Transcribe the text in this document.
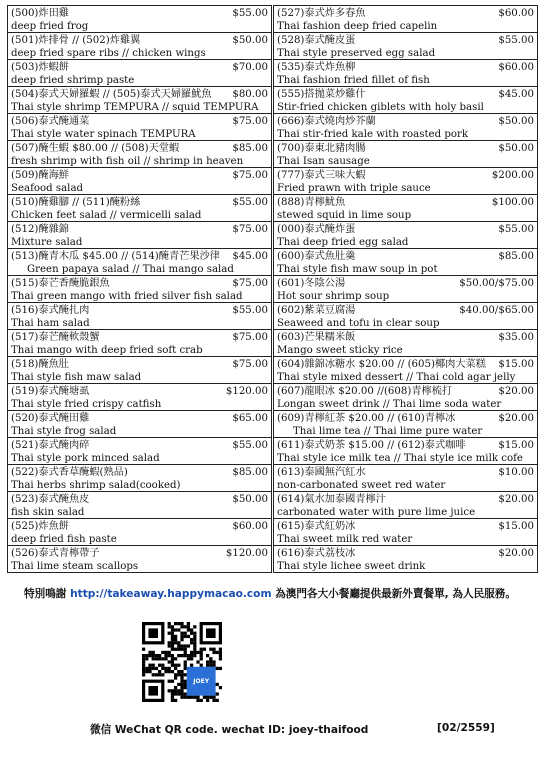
(500)炸田雞	$55.00
deep fried frog
(501)炸排骨 // (502)炸雞翼	$50.00
deep fried spare ribs // chicken wings
(503)炸蝦餅	$70.00
deep fried shrimp paste
(504)泰式天婦羅蝦 // (505)泰式天婦羅魷魚	$80.00
Thai style shrimp TEMPURA // squid TEMPURA
(506)泰式醃通菜	$75.00
Thai style water spinach TEMPURA
(507)醃生蝦 $80.00 // (508)天堂蝦	$85.00
fresh shrimp with fish oil // shrimp in heaven
(509)醃海鮮	$75.00
Seafood salad
(510)醃雞腳 // (511)醃粉絲	$55.00
Chicken feet salad // vermicelli salad
(512)醃雜錦	$75.00
Mixture salad
(513)醃青木瓜 $45.00 // (514)醃青芒果沙律	$45.00
Green papaya salad // Thai mango salad
(515)泰芒香醃脆銀魚	$75.00
Thai green mango with fried silver fish salad
(516)泰式醃扎肉	$55.00
Thai ham salad
(517)泰芒醃軟殼蟹	$75.00
Thai mango with deep fried soft crab
(518)醃魚肚	$75.00
Thai style fish maw salad
(519)泰式醃塘虱	$120.00
Thai style fried crispy catfish
(520)泰式醃田雞	$65.00
Thai style frog salad
(521)泰式醃肉碎	$55.00
Thai style pork minced salad
(522)泰式香草醃蝦(熟品)	$85.00
Thai herbs shrimp salad(cooked)
(523)泰式醃魚皮	$50.00
fish skin salad
(525)炸魚餅	$60.00
deep fried fish paste
(526)泰式青檸帶子	$120.00
Thai lime steam scallops
(527)泰式炸多春魚	$60.00
Thai fashion deep fried capelin
(528)泰式醃皮蛋	$55.00
Thai style preserved egg salad
(535)泰式炸魚柳	$60.00
Thai fashion fried fillet of fish
(555)搭拋菜炒雞什	$45.00
Stir-fried chicken giblets with holy basil
(666)泰式燒肉炒芥蘭	$50.00
Thai stir-fried kale with roasted pork
(700)泰東北豬肉腸	$50.00
Thai Isan sausage
(777)泰式三味大蝦	$200.00
Fried prawn with triple sauce
(888)青檸魷魚	$100.00
stewed squid in lime soup
(000)泰式醃炸蛋	$55.00
Thai deep fried egg salad
(600)泰式魚肚羹	$85.00
Thai style fish maw soup in pot
(601)冬陰公湯	$50.00/$75.00
Hot sour shrimp soup
(602)紫菜豆腐湯	$40.00/$65.00
Seaweed and tofu in clear soup
(603)芒果糯米飯	$35.00
Mango sweet sticky rice
(604)雜錦冰糖水 $20.00 // (605)椰肉大菜糕	$15.00
Thai style mixed dessert // Thai cold agar jelly
(607)龍眼冰 $20.00 //(608)青檸梳打	$20.00
Longan sweet drink // Thai lime soda water
(609)青檸紅茶 $20.00 // (610)青檸冰	$20.00
Thai lime tea // Thai lime pure water
(611)泰式奶茶 $15.00 // (612)泰式咖啡	$15.00
Thai style ice milk tea // Thai style ice milk cofe
(613)泰國無汽紅水	$10.00
non-carbonated sweet red water
(614)氣水加泰國青檸汁	$20.00
carbonated water with pure lime juice
(615)泰式紅奶冰	$15.00
Thai sweet milk red water
(616)泰式荔枝冰	$20.00
Thai style lichee sweet drink
特別鳴謝 http://takeaway.happymacao.com 為澳門各大小餐廳提供最新外賣餐單, 為人民服務。
JOEY
微信 WeChat QR code. wechat ID: joey-thaifood	[02/2559]
